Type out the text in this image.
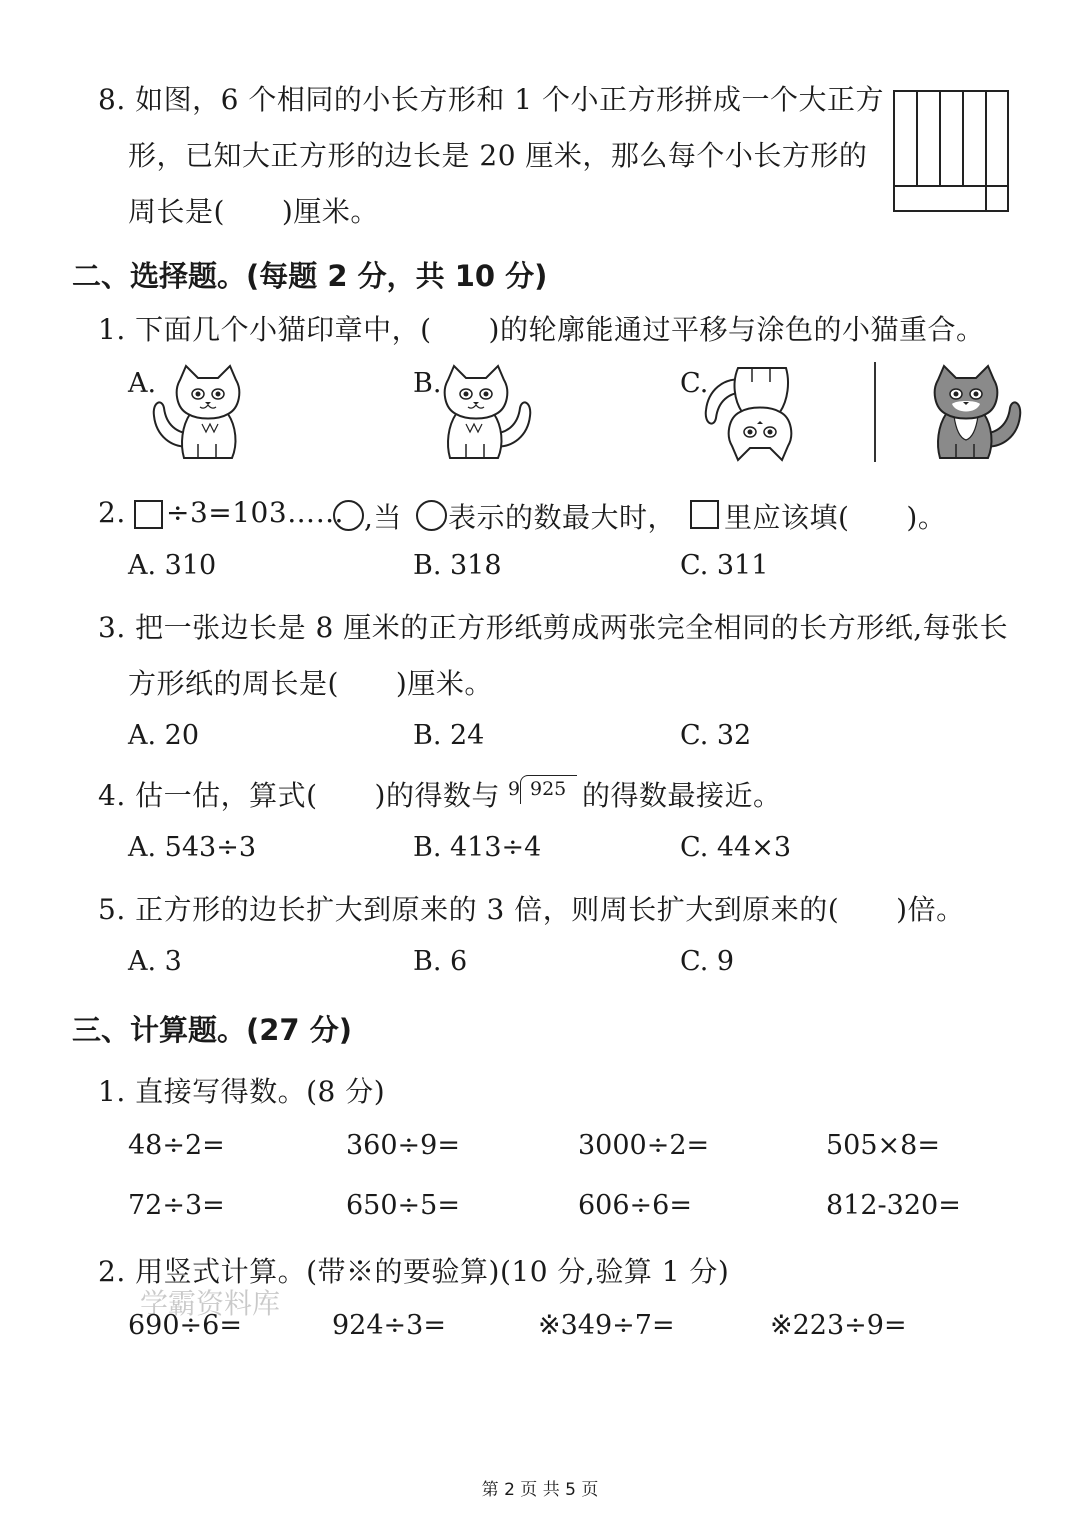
8. 如图，6 个相同的小长方形和 1 个小正方形拼成一个大正方
形，已知大正方形的边长是 20 厘米，那么每个小长方形的
周长是(　　)厘米。
二、选择题。(每题 2 分，共 10 分)
1. 下面几个小猫印章中，(　　)的轮廓能通过平移与涂色的小猫重合。
A.	B.	C.
2. ÷3=103…… ,当 表示的数最大时， 里应该填(　　)。
A. 310	B. 318	C. 311
3. 把一张边长是 8 厘米的正方形纸剪成两张完全相同的长方形纸,每张长
方形纸的周长是(　　)厘米。
A. 20	B. 24	C. 32
4. 估一估，算式(　　)的得数与 9 925 的得数最接近。
A. 543÷3	B. 413÷4	C. 44×3
5. 正方形的边长扩大到原来的 3 倍，则周长扩大到原来的(　　)倍。
A. 3	B. 6	C. 9
三、计算题。(27 分)
1. 直接写得数。(8 分)
48÷2=	360÷9=	3000÷2=	505×8=
72÷3=	650÷5=	606÷6=	812-320=
2. 用竖式计算。(带※的要验算)(10 分,验算 1 分)
学霸资料库
690÷6=	924÷3=	※349÷7=	※223÷9=
第 2 页 共 5 页
